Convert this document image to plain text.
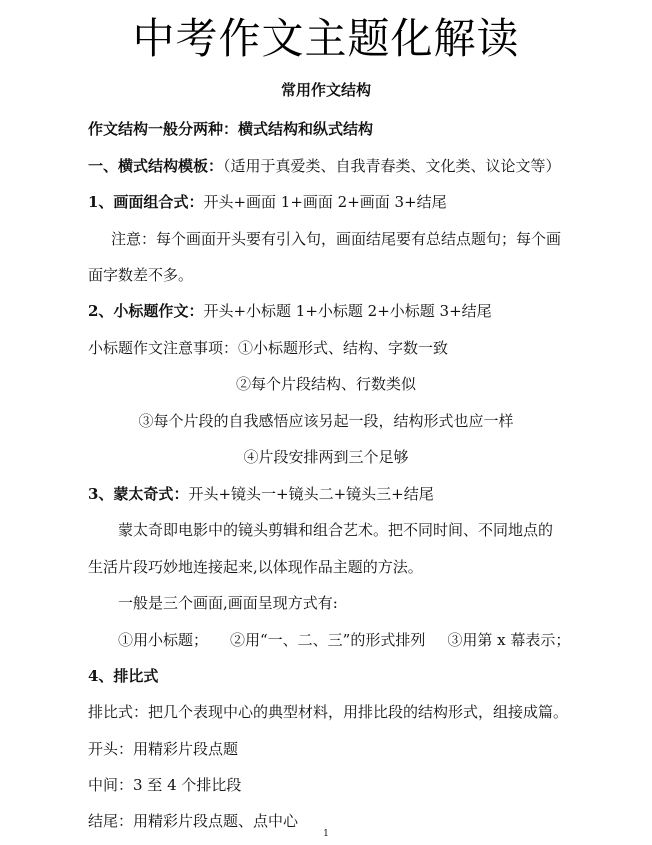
中考作文主题化解读
常用作文结构
作文结构一般分两种：横式结构和纵式结构
一、横式结构模板：（适用于真爱类、自我青春类、文化类、议论文等）
1、画面组合式：开头+画面 1+画面 2+画面 3+结尾
注意：每个画面开头要有引入句，画面结尾要有总结点题句；每个画
面字数差不多。
2、小标题作文：开头+小标题 1+小标题 2+小标题 3+结尾
小标题作文注意事项：①小标题形式、结构、字数一致
②每个片段结构、行数类似
③每个片段的自我感悟应该另起一段，结构形式也应一样
④片段安排两到三个足够
3、蒙太奇式：开头+镜头一+镜头二+镜头三+结尾
蒙太奇即电影中的镜头剪辑和组合艺术。把不同时间、不同地点的
生活片段巧妙地连接起来,以体现作品主题的方法。
一般是三个画面,画面呈现方式有:
①用小标题； ②用“一、二、三”的形式排列 ③用第 x 幕表示；
4、排比式
排比式：把几个表现中心的典型材料，用排比段的结构形式，组接成篇。
开头：用精彩片段点题
中间：3 至 4 个排比段
结尾：用精彩片段点题、点中心
1
